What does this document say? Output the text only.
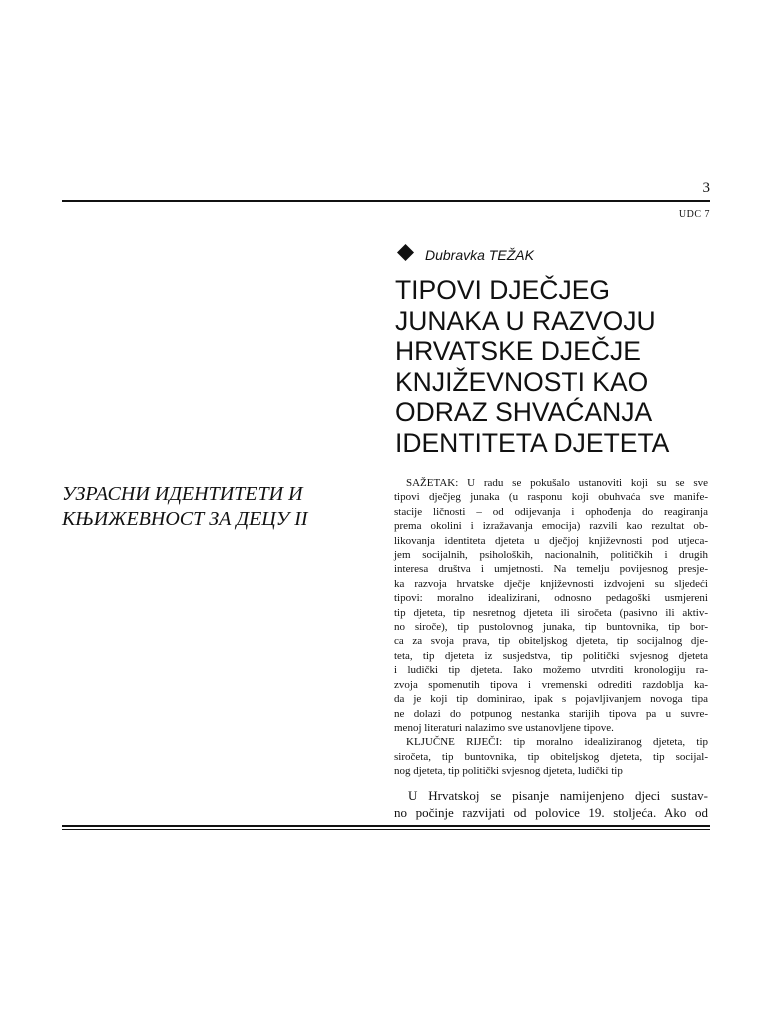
3
UDC 7
Dubravka TEŽAK
TIPOVI DJEČJEG
JUNAKA U RAZVOJU
HRVATSKE DJEČJE
KNJIŽEVNOSTI KAO
ODRAZ SHVAĆANJA
IDENTITETA DJETETA
УЗРАСНИ ИДЕНТИТЕТИ И
КЊИЖЕВНОСТ ЗА ДЕЦУ II
SAŽETAK: U radu se pokušalo ustanoviti koji su se sve
tipovi dječjeg junaka (u rasponu koji obuhvaća sve manife-
stacije ličnosti – od odijevanja i ophođenja do reagiranja
prema okolini i izražavanja emocija) razvili kao rezultat ob-
likovanja identiteta djeteta u dječjoj književnosti pod utjeca-
jem socijalnih, psiholoških, nacionalnih, političkih i drugih
interesa društva i umjetnosti. Na temelju povijesnog presje-
ka razvoja hrvatske dječje književnosti izdvojeni su sljedeći
tipovi: moralno idealizirani, odnosno pedagoški usmjereni
tip djeteta, tip nesretnog djeteta ili siročeta (pasivno ili aktiv-
no siroče), tip pustolovnog junaka, tip buntovnika, tip bor-
ca za svoja prava, tip obiteljskog djeteta, tip socijalnog dje-
teta, tip djeteta iz susjedstva, tip politički svjesnog djeteta
i ludički tip djeteta. Iako možemo utvrditi kronologiju ra-
zvoja spomenutih tipova i vremenski odrediti razdoblja ka-
da je koji tip dominirao, ipak s pojavljivanjem novoga tipa
ne dolazi do potpunog nestanka starijih tipova pa u suvre-
menoj literaturi nalazimo sve ustanovljene tipove.
KLJUČNE RIJEČI: tip moralno idealiziranog djeteta, tip
siročeta, tip buntovnika, tip obiteljskog djeteta, tip socijal-
nog djeteta, tip politički svjesnog djeteta, ludički tip
U Hrvatskoj se pisanje namijenjeno djeci sustav-
no počinje razvijati od polovice 19. stoljeća. Ako od
